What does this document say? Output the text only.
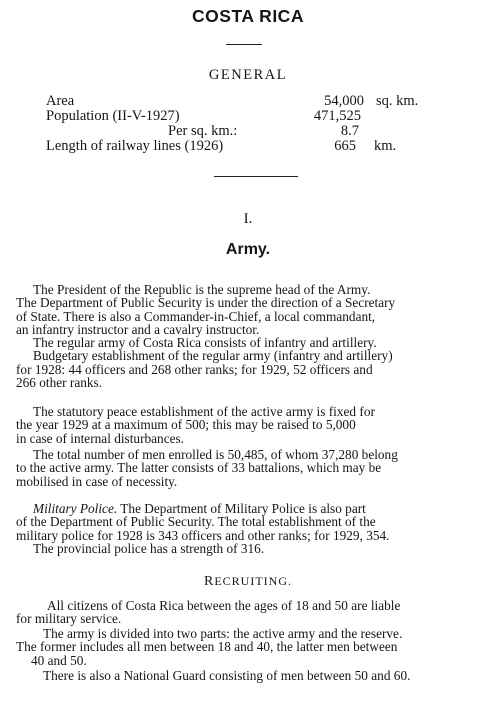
COSTA RICA
GENERAL
Area	54,000 sq. km.
Population (II-V-1927)	471,525
Per sq. km.:	8.7
Length of railway lines (1926)	665 km.
I.
Army.
The President of the Republic is the supreme head of the Army.
The Department of Public Security is under the direction of a Secretary
of State. There is also a Commander-in-Chief, a local commandant,
an infantry instructor and a cavalry instructor.
The regular army of Costa Rica consists of infantry and artillery.
Budgetary establishment of the regular army (infantry and artillery)
for 1928: 44 officers and 268 other ranks; for 1929, 52 officers and
266 other ranks.
The statutory peace establishment of the active army is fixed for
the year 1929 at a maximum of 500; this may be raised to 5,000
in case of internal disturbances.
The total number of men enrolled is 50,485, of whom 37,280 belong
to the active army. The latter consists of 33 battalions, which may be
mobilised in case of necessity.
Military Police. The Department of Military Police is also part
of the Department of Public Security. The total establishment of the
military police for 1928 is 343 officers and other ranks; for 1929, 354.
The provincial police has a strength of 316.
RECRUITING.
All citizens of Costa Rica between the ages of 18 and 50 are liable
for military service.
The army is divided into two parts: the active army and the reserve.
The former includes all men between 18 and 40, the latter men between
40 and 50.
There is also a National Guard consisting of men between 50 and 60.
